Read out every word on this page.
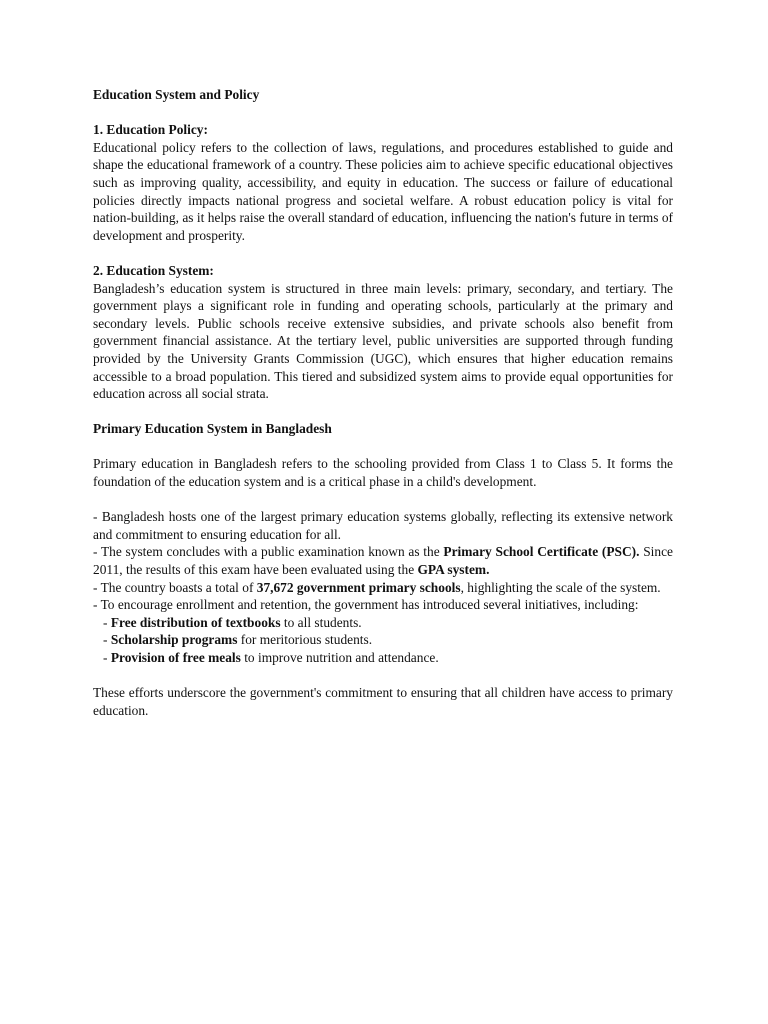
Education System and Policy

1. Education Policy:

Educational policy refers to the collection of laws, regulations, and procedures established to guide and shape the educational framework of a country. These policies aim to achieve specific educational objectives such as improving quality, accessibility, and equity in education. The success or failure of educational policies directly impacts national progress and societal welfare. A robust education policy is vital for nation-building, as it helps raise the overall standard of education, influencing the nation's future in terms of development and prosperity.

2. Education System:

Bangladesh’s education system is structured in three main levels: primary, secondary, and tertiary. The government plays a significant role in funding and operating schools, particularly at the primary and secondary levels. Public schools receive extensive subsidies, and private schools also benefit from government financial assistance. At the tertiary level, public universities are supported through funding provided by the University Grants Commission (UGC), which ensures that higher education remains accessible to a broad population. This tiered and subsidized system aims to provide equal opportunities for education across all social strata.

Primary Education System in Bangladesh

Primary education in Bangladesh refers to the schooling provided from Class 1 to Class 5. It forms the foundation of the education system and is a critical phase in a child's development.

- Bangladesh hosts one of the largest primary education systems globally, reflecting its extensive network and commitment to ensuring education for all.

- The system concludes with a public examination known as the Primary School Certificate (PSC). Since 2011, the results of this exam have been evaluated using the GPA system.

- The country boasts a total of 37,672 government primary schools, highlighting the scale of the system.

- To encourage enrollment and retention, the government has introduced several initiatives, including:

- Free distribution of textbooks to all students.

- Scholarship programs for meritorious students.

- Provision of free meals to improve nutrition and attendance.

These efforts underscore the government's commitment to ensuring that all children have access to primary education.
